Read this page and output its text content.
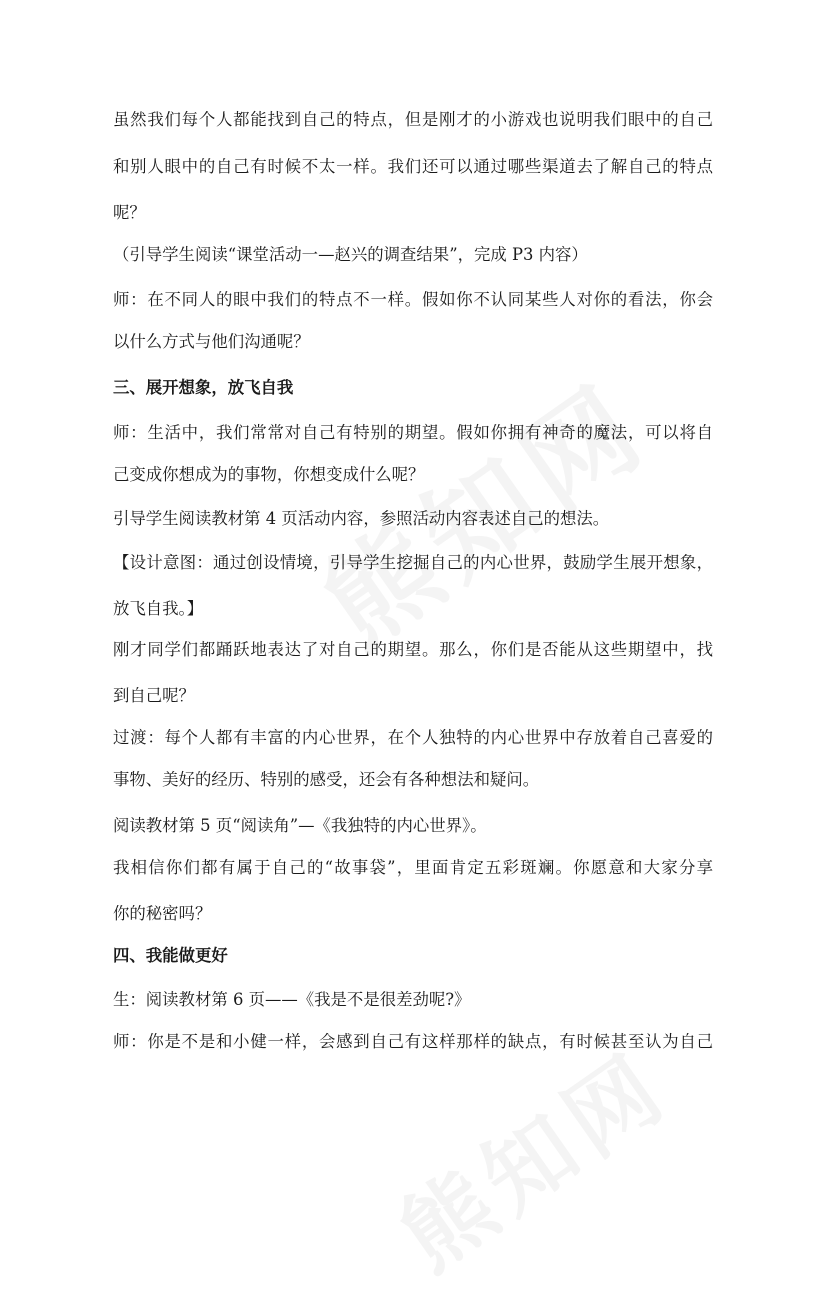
虽然我们每个人都能找到自己的特点，但是刚才的小游戏也说明我们眼中的自己
和别人眼中的自己有时候不太一样。我们还可以通过哪些渠道去了解自己的特点
呢？
（引导学生阅读“课堂活动一—赵兴的调查结果”，完成 P3 内容）
师：在不同人的眼中我们的特点不一样。假如你不认同某些人对你的看法，你会
以什么方式与他们沟通呢？
三、展开想象，放飞自我
师：生活中，我们常常对自己有特别的期望。假如你拥有神奇的魔法，可以将自
己变成你想成为的事物，你想变成什么呢？
引导学生阅读教材第 4 页活动内容，参照活动内容表述自己的想法。
【设计意图：通过创设情境，引导学生挖掘自己的内心世界，鼓励学生展开想象，
放飞自我。】
刚才同学们都踊跃地表达了对自己的期望。那么，你们是否能从这些期望中，找
到自己呢？
过渡：每个人都有丰富的内心世界，在个人独特的内心世界中存放着自己喜爱的
事物、美好的经历、特别的感受，还会有各种想法和疑问。
阅读教材第 5 页“阅读角”—《我独特的内心世界》。
我相信你们都有属于自己的“故事袋”，里面肯定五彩斑斓。你愿意和大家分享
你的秘密吗？
四、我能做更好
生：阅读教材第 6 页——《我是不是很差劲呢?》
师：你是不是和小健一样，会感到自己有这样那样的缺点，有时候甚至认为自己
